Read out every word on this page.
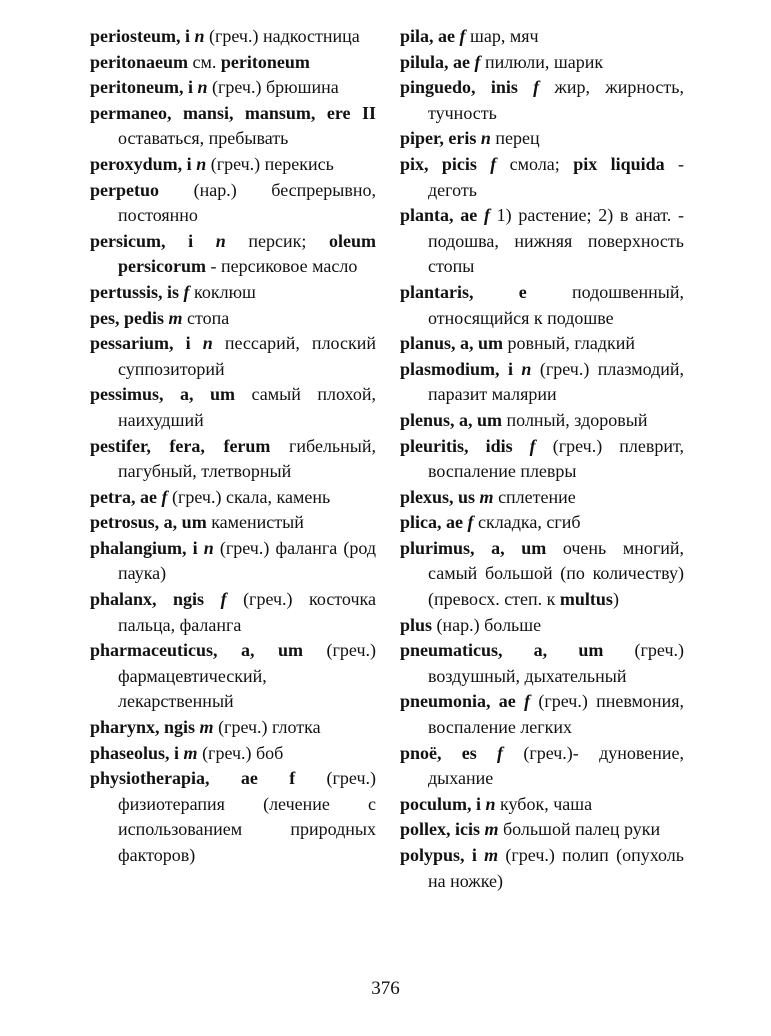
periosteum, i n (греч.) надкостница

peritonaeum см. peritoneum

peritoneum, i n (греч.) брюшина

permaneo, mansi, mansum, ere II оставаться, пребывать

peroxydum, i n (греч.) перекись

perpetuo (нар.) беспрерывно, постоянно

persicum, i n персик; oleum persicorum - персиковое масло

pertussis, is f коклюш

pes, pedis m стопа

pessarium, i n пессарий, плоский суппозиторий

pessimus, a, um самый плохой, наихудший

pestifer, fera, ferum гибельный, пагубный, тлетворный

petra, ae f (греч.) скала, камень

petrosus, a, um каменистый

phalangium, i n (греч.) фаланга (род паука)

phalanx, ngis f (греч.) косточка пальца, фаланга

pharmaceuticus, a, um (греч.) фармацевтический, лекарственный

pharynx, ngis m (греч.) глотка

phaseolus, i m (греч.) боб

physiotherapia, ae f (греч.) физиотерапия (лечение с использованием природных факторов)

pila, ae f шар, мяч

pilula, ae f пилюли, шарик

pinguedo, inis f жир, жирность, тучность

piper, eris n перец

pix, picis f смола; pix liquida - деготь

planta, ae f 1) растение; 2) в анат. - подошва, нижняя поверхность стопы

plantaris, e подошвенный, относящийся к подошве

planus, a, um ровный, гладкий

plasmodium, i n (греч.) плазмодий, паразит малярии

plenus, a, um полный, здоровый

pleuritis, idis f (греч.) плеврит, воспаление плевры

plexus, us m сплетение

plica, ae f складка, сгиб

plurimus, a, um очень многий, самый большой (по количеству) (превосх. степ. к multus)

plus (нар.) больше

pneumaticus, a, um (греч.) воздушный, дыхательный

pneumonia, ae f (греч.) пневмония, воспаление легких

pnoë, es f (греч.)- дуновение, дыхание

poculum, i n кубок, чаша

pollex, icis m большой палец руки

polypus, i m (греч.) полип (опухоль на ножке)

376
